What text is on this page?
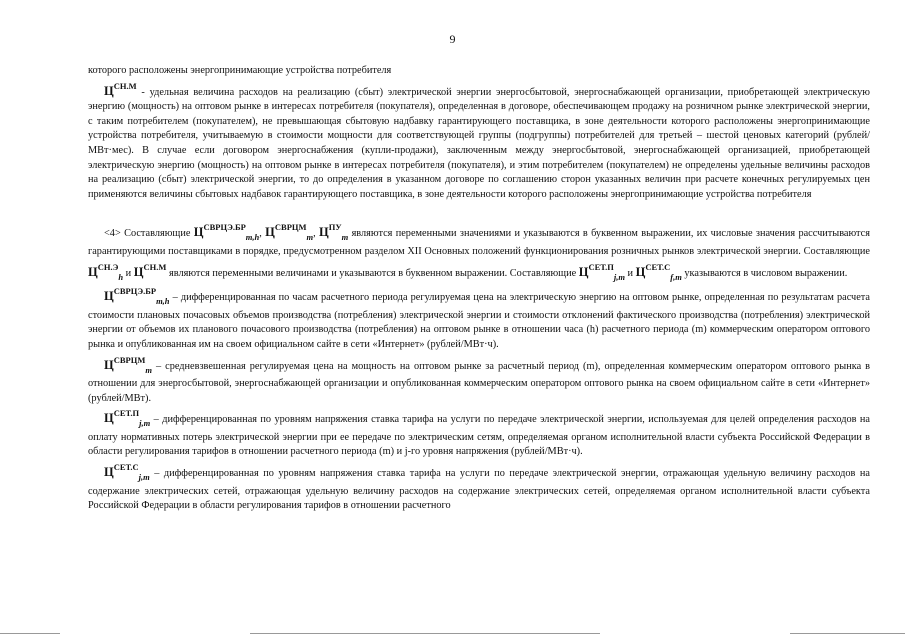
9

которого расположены энергопринимающие устройства потребителя

$Ц^{СН.М}$ - удельная величина расходов на реализацию (сбыт) электрической энергии энергосбытовой, энергоснабжающей организации, приобретающей электрическую энергию (мощность) на оптовом рынке в интересах потребителя (покупателя), определенная в договоре, обеспечивающем продажу на розничном рынке электрической энергии, с таким потребителем (покупателем), не превышающая сбытовую надбавку гарантирующего поставщика, в зоне деятельности которого расположены энергопринимающие устройства потребителя, учитываемую в стоимости мощности для соответствующей группы (подгруппы) потребителей для третьей – шестой ценовых категорий (рублей/МВт·мес). В случае если договором энергоснабжения (купли-продажи), заключенным между энергосбытовой, энергоснабжающей организацией, приобретающей электрическую энергию (мощность) на оптовом рынке в интересах потребителя (покупателя), и этим потребителем (покупателем) не определены удельные величины расходов на реализацию (сбыт) электрической энергии, то до определения в указанном договоре по соглашению сторон указанных величин при расчете конечных регулируемых цен применяются величины сбытовых надбавок гарантирующего поставщика, в зоне деятельности которого расположены энергопринимающие устройства потребителя

<4> Составляющие $Ц^{СВРЦЭ.БР}_{m,h}$, $Ц^{СВРЦМ}_m$, $Ц^{ПУ}_m$ являются переменными значениями и указываются в буквенном выражении, их числовые значения рассчитываются гарантирующими поставщиками в порядке, предусмотренном разделом XII Основных положений функционирования розничных рынков электрической энергии. Составляющие $Ц^{СН.Э}_h$ и $Ц^{СН.М}$ являются переменными величинами и указываются в буквенном выражении. Составляющие $Ц^{СЕТ.П}_{j,m}$ и $Ц^{СЕТ.С}_{f,m}$ указываются в числовом выражении.

$Ц^{СВРЦЭ.БР}_{m,h}$ – дифференцированная по часам расчетного периода регулируемая цена на электрическую энергию на оптовом рынке, определенная по результатам расчета стоимости плановых почасовых объемов производства (потребления) электрической энергии и стоимости отклонений фактического производства (потребления) электрической энергии от объемов их планового почасового производства (потребления) на оптовом рынке в отношении часа (h) расчетного периода (m) коммерческим оператором оптового рынка и опубликованная им на своем официальном сайте в сети «Интернет» (рублей/МВт·ч).

$Ц^{СВРЦМ}_m$ – средневзвешенная регулируемая цена на мощность на оптовом рынке за расчетный период (m), определенная коммерческим оператором оптового рынка в отношении для энергосбытовой, энергоснабжающей организации и опубликованная коммерческим оператором оптового рынка на своем официальном сайте в сети «Интернет» (рублей/МВт).

$Ц^{СЕТ.П}_{j,m}$ – дифференцированная по уровням напряжения ставка тарифа на услуги по передаче электрической энергии, используемая для целей определения расходов на оплату нормативных потерь электрической энергии при ее передаче по электрическим сетям, определяемая органом исполнительной власти субъекта Российской Федерации в области регулирования тарифов в отношении расчетного периода (m) и j-го уровня напряжения (рублей/МВт·ч).

$Ц^{СЕТ.С}_{j,m}$ – дифференцированная по уровням напряжения ставка тарифа на услуги по передаче электрической энергии, отражающая удельную величину расходов на содержание электрических сетей, отражающая удельную величину расходов на содержание электрических сетей, определяемая органом исполнительной власти субъекта Российской Федерации в области регулирования тарифов в отношении расчетного
